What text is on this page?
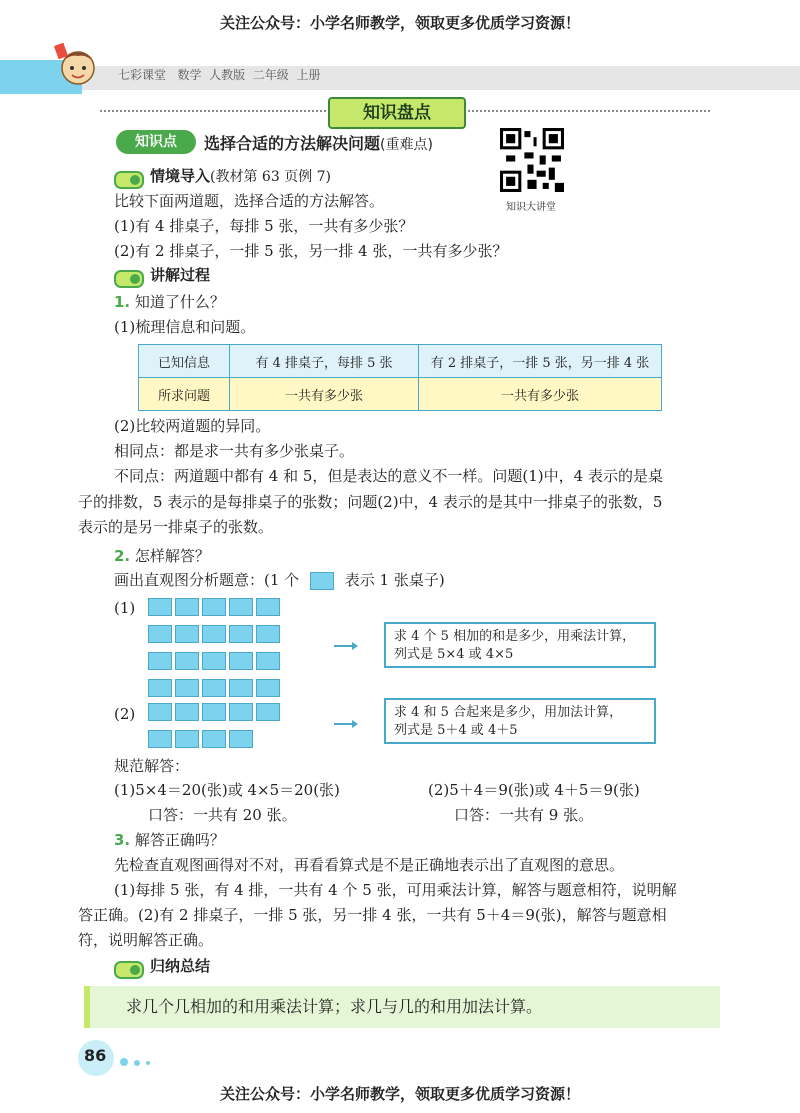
关注公众号：小学名师教学，领取更多优质学习资源！
七彩课堂 数学 人教版 二年级 上册
知识盘点
知识点	选择合适的方法解决问题(重难点)
知识大讲堂
情境导入(教材第 63 页例 7)
比较下面两道题，选择合适的方法解答。
(1)有 4 排桌子，每排 5 张，一共有多少张？
(2)有 2 排桌子，一排 5 张，另一排 4 张，一共有多少张？
讲解过程
1. 知道了什么？
(1)梳理信息和问题。
已知信息	有 4 排桌子，每排 5 张	有 2 排桌子，一排 5 张，另一排 4 张
所求问题	一共有多少张	一共有多少张
(2)比较两道题的异同。
相同点：都是求一共有多少张桌子。
不同点：两道题中都有 4 和 5，但是表达的意义不一样。问题(1)中，4 表示的是桌
子的排数，5 表示的是每排桌子的张数；问题(2)中，4 表示的是其中一排桌子的张数，5
表示的是另一排桌子的张数。
2. 怎样解答？
画出直观图分析题意：(1 个	表示 1 张桌子)
(1)
求 4 个 5 相加的和是多少，用乘法计算，
列式是 5×4 或 4×5
(2)	求 4 和 5 合起来是多少，用加法计算，
列式是 5＋4 或 4＋5
规范解答：
(1)5×4＝20(张)或 4×5＝20(张)
口答：一共有 20 张。
(2)5＋4＝9(张)或 4＋5＝9(张)
口答：一共有 9 张。
3. 解答正确吗？
先检查直观图画得对不对，再看看算式是不是正确地表示出了直观图的意思。
(1)每排 5 张，有 4 排，一共有 4 个 5 张，可用乘法计算，解答与题意相符，说明解
答正确。(2)有 2 排桌子，一排 5 张，另一排 4 张，一共有 5＋4＝9(张)，解答与题意相
符，说明解答正确。
归纳总结
求几个几相加的和用乘法计算；求几与几的和用加法计算。
86
关注公众号：小学名师教学，领取更多优质学习资源！
